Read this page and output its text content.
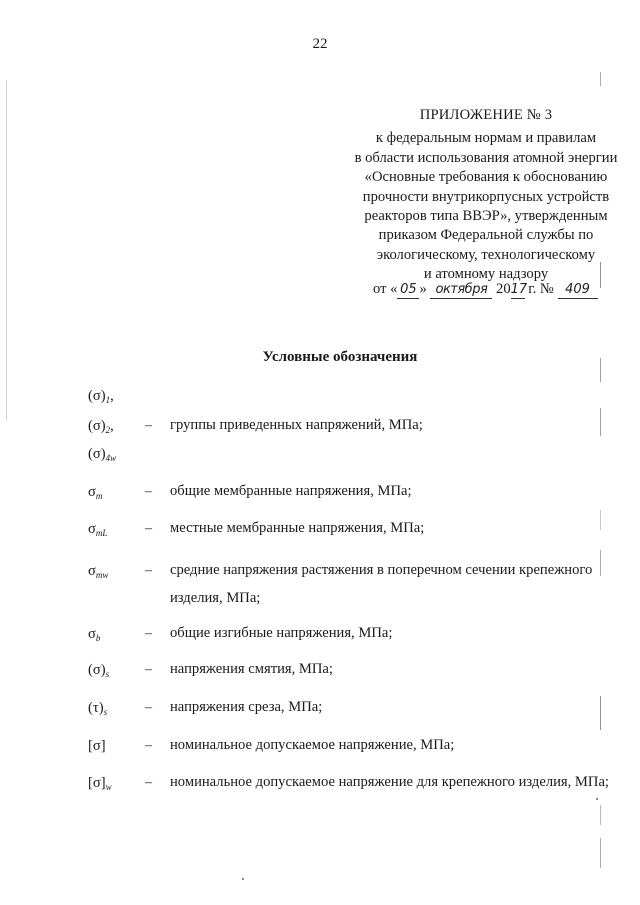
22
ПРИЛОЖЕНИЕ № 3
к федеральным нормам и правилам
в области использования атомной энергии
«Основные требования к обоснованию
прочности внутрикорпусных устройств
реакторов типа ВВЭР», утвержденным
приказом Федеральной службы по
экологическому, технологическому
и атомному надзору
от « 05 » октября 2017 г. № 409
Условные обозначения
$(\sigma)_1$,
$(\sigma)_2$, – группы приведенных напряжений, МПа;
$(\sigma)_{4w}$
$\sigma_m$	– общие мембранные напряжения, МПа;
$\sigma_{mL}$	– местные мембранные напряжения, МПа;
$\sigma_{mw}$	– средние напряжения растяжения в поперечном сечении крепежного изделия, МПа;
$\sigma_b$	– общие изгибные напряжения, МПа;
$(\sigma)_s$	– напряжения смятия, МПа;
$(\tau)_s$	– напряжения среза, МПа;
[σ]	– номинальное допускаемое напряжение, МПа;
$[\sigma]_w$ – номинальное допускаемое напряжение для крепежного изделия, МПа;
